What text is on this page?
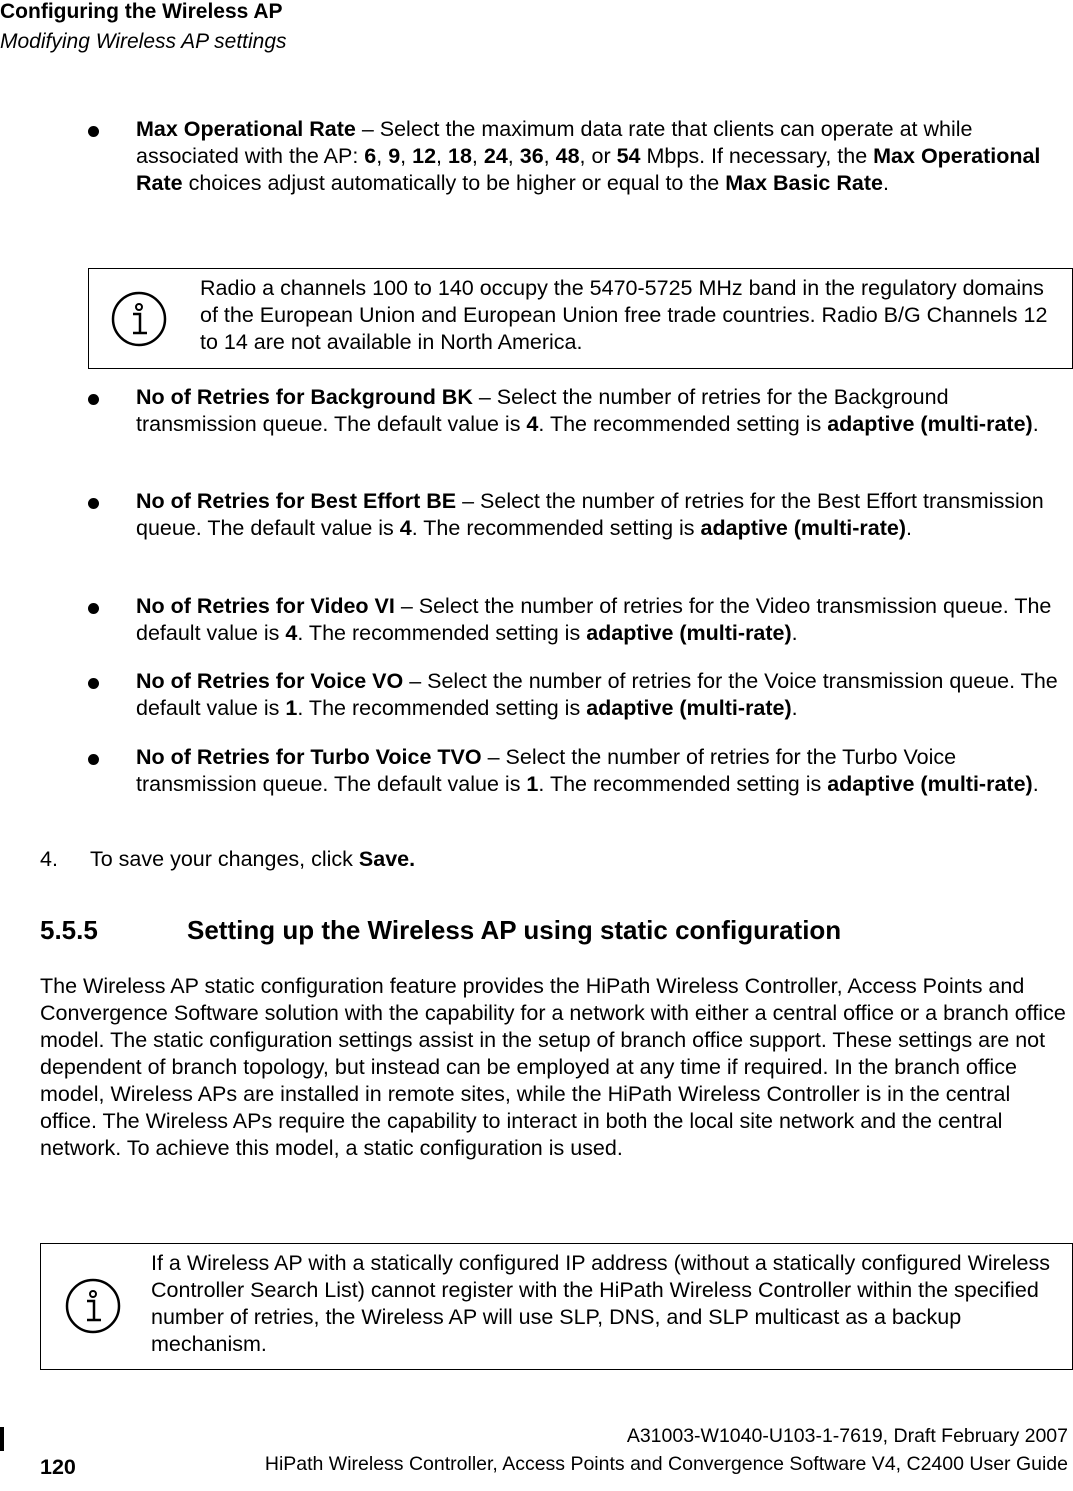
Configuring the Wireless AP
Modifying Wireless AP settings
Max Operational Rate – Select the maximum data rate that clients can operate at while associated with the AP: 6, 9, 12, 18, 24, 36, 48, or 54 Mbps. If necessary, the Max Operational Rate choices adjust automatically to be higher or equal to the Max Basic Rate.
Radio a channels 100 to 140 occupy the 5470-5725 MHz band in the regulatory domains of the European Union and European Union free trade countries. Radio B/G Channels 12 to 14 are not available in North America.
No of Retries for Background BK – Select the number of retries for the Background transmission queue. The default value is 4. The recommended setting is adaptive (multi-rate).
No of Retries for Best Effort BE – Select the number of retries for the Best Effort transmission queue. The default value is 4. The recommended setting is adaptive (multi-rate).
No of Retries for Video VI – Select the number of retries for the Video transmission queue. The default value is 4. The recommended setting is adaptive (multi-rate).
No of Retries for Voice VO – Select the number of retries for the Voice transmission queue. The default value is 1. The recommended setting is adaptive (multi-rate).
No of Retries for Turbo Voice TVO – Select the number of retries for the Turbo Voice transmission queue. The default value is 1. The recommended setting is adaptive (multi-rate).
4. To save your changes, click Save.
5.5.5	Setting up the Wireless AP using static configuration
The Wireless AP static configuration feature provides the HiPath Wireless Controller, Access Points and Convergence Software solution with the capability for a network with either a central office or a branch office model. The static configuration settings assist in the setup of branch office support. These settings are not dependent of branch topology, but instead can be employed at any time if required. In the branch office model, Wireless APs are installed in remote sites, while the HiPath Wireless Controller is in the central office. The Wireless APs require the capability to interact in both the local site network and the central network. To achieve this model, a static configuration is used.
If a Wireless AP with a statically configured IP address (without a statically configured Wireless Controller Search List) cannot register with the HiPath Wireless Controller within the specified number of retries, the Wireless AP will use SLP, DNS, and SLP multicast as a backup mechanism.
120
A31003-W1040-U103-1-7619, Draft February 2007
HiPath Wireless Controller, Access Points and Convergence Software V4, C2400 User Guide
